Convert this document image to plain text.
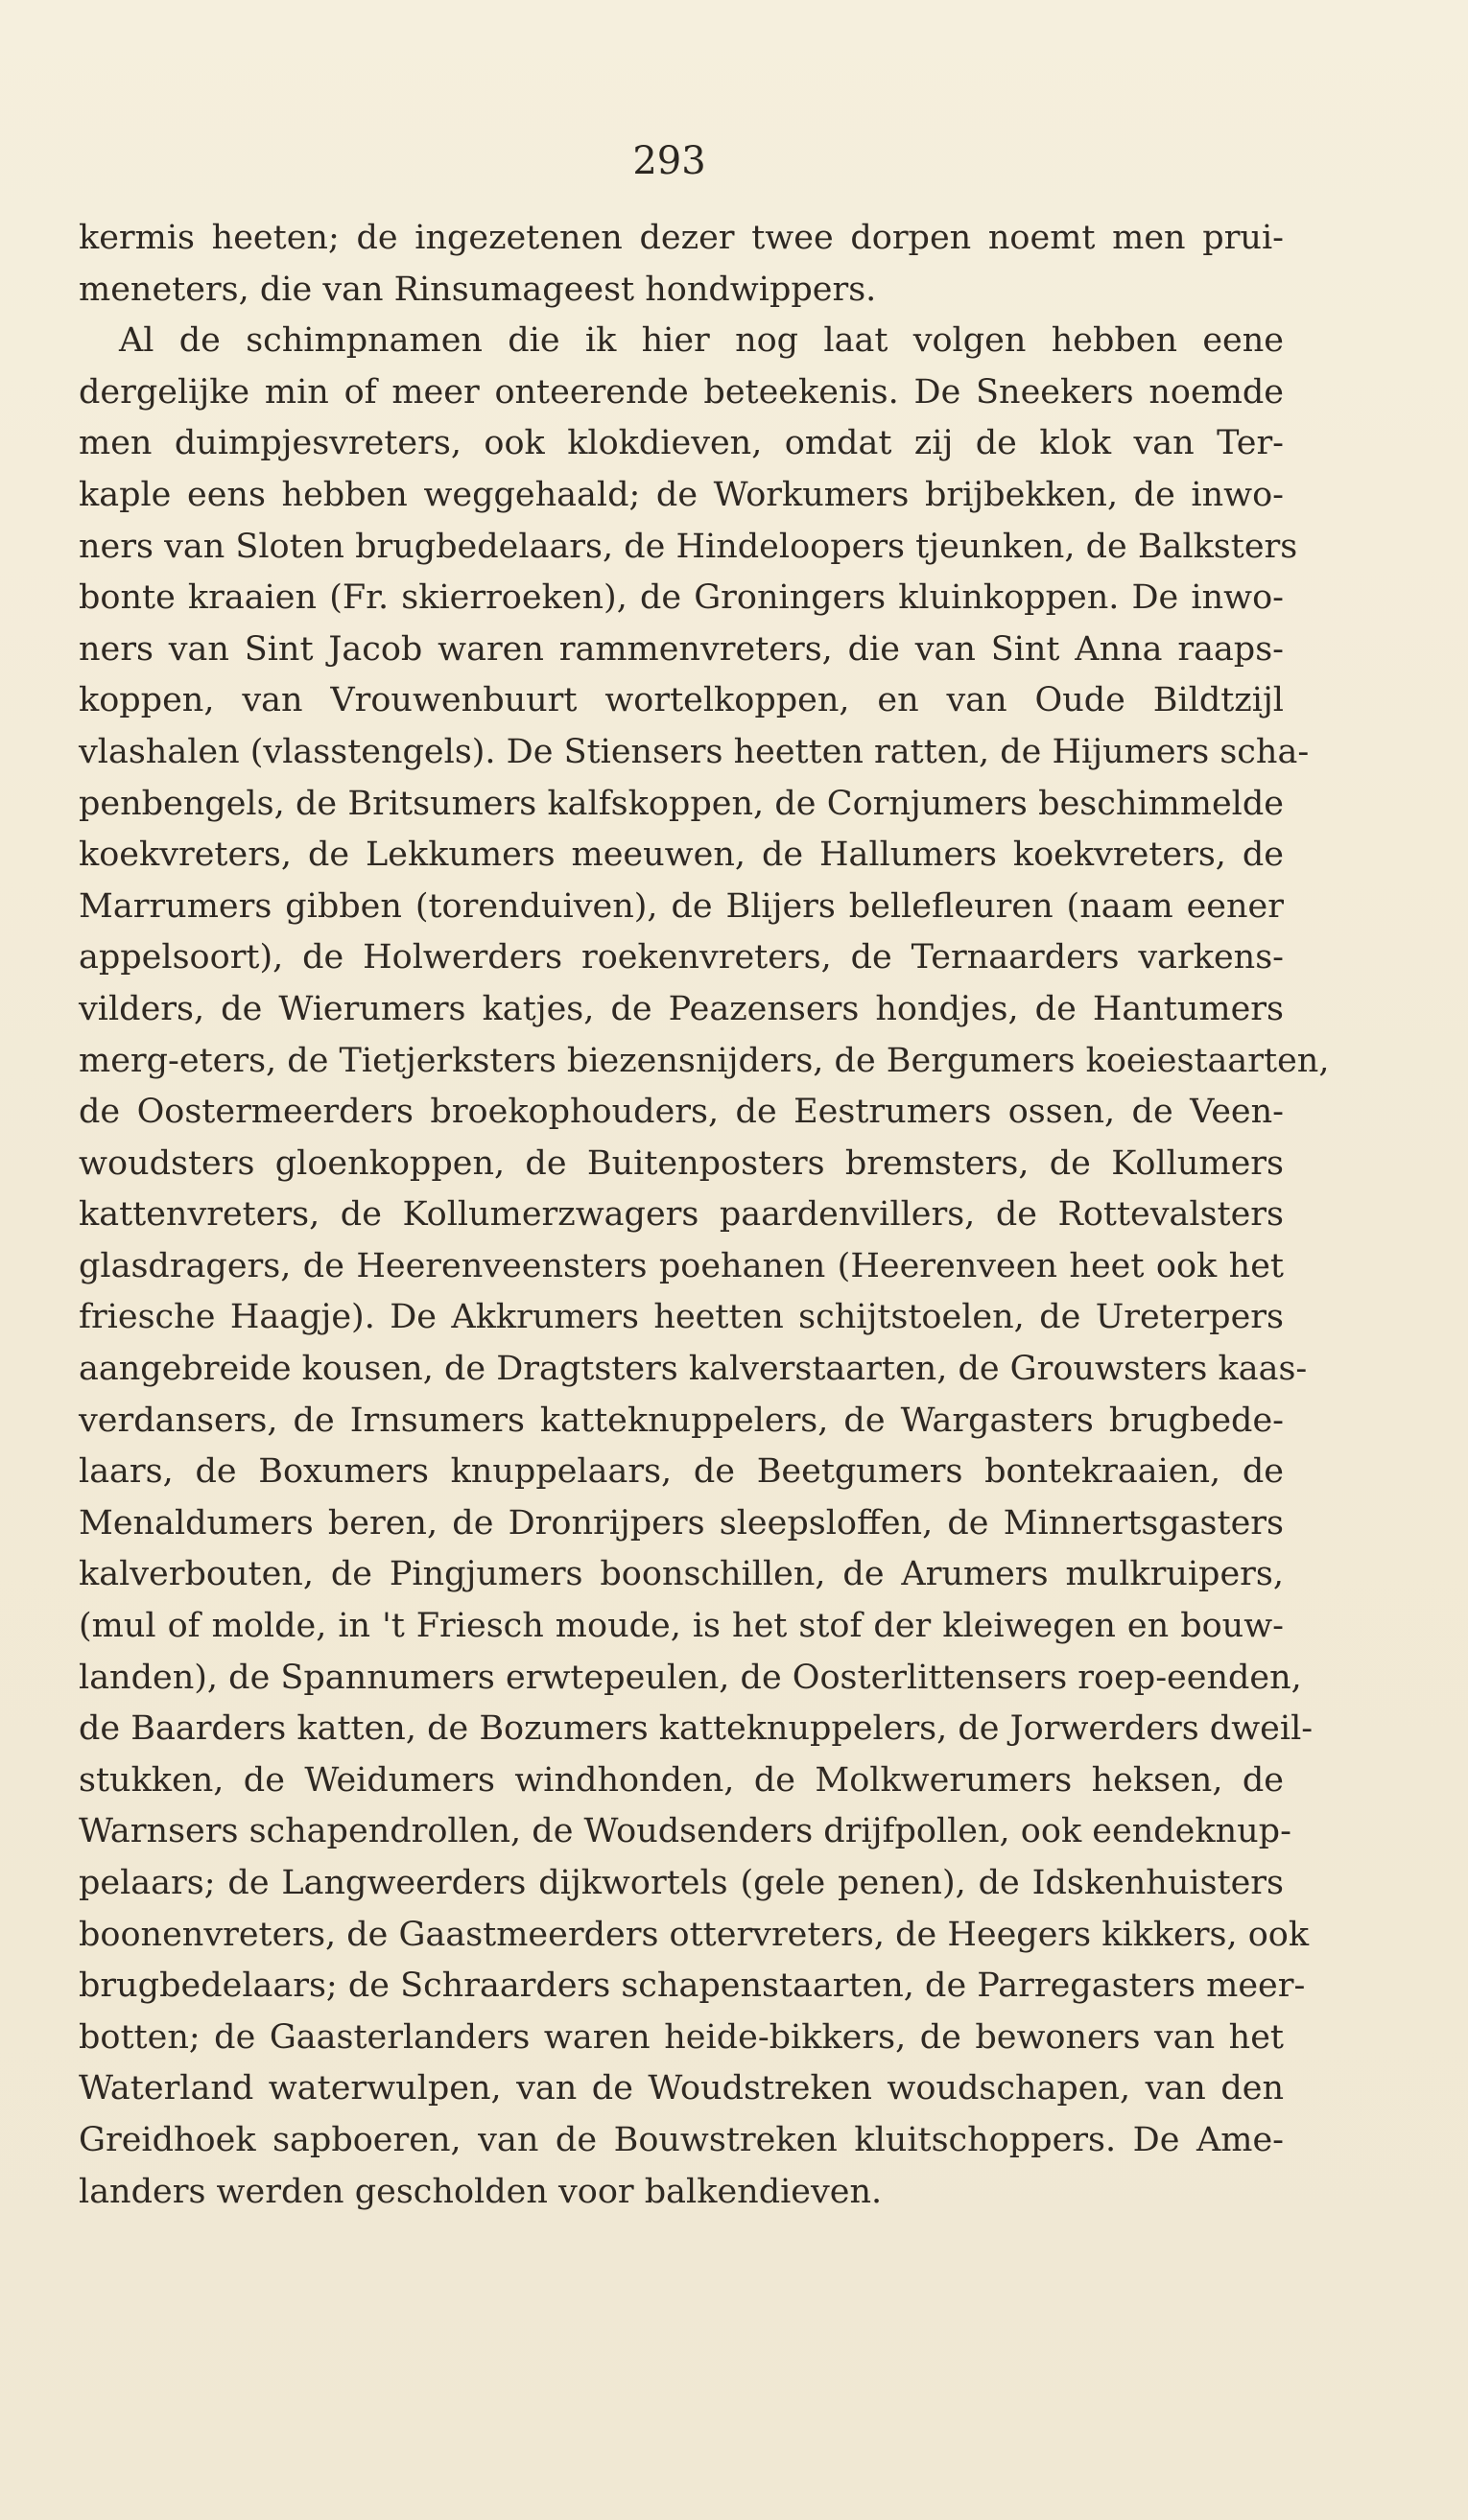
293
kermis heeten; de ingezetenen dezer twee dorpen noemt men prui-
meneters, die van Rinsumageest hondwippers.
Al de schimpnamen die ik hier nog laat volgen hebben eene
dergelijke min of meer onteerende beteekenis. De Sneekers noemde
men duimpjesvreters, ook klokdieven, omdat zij de klok van Ter-
kaple eens hebben weggehaald; de Workumers brijbekken, de inwo-
ners van Sloten brugbedelaars, de Hindeloopers tjeunken, de Balksters
bonte kraaien (Fr. skierroeken), de Groningers kluinkoppen. De inwo-
ners van Sint Jacob waren rammenvreters, die van Sint Anna raaps-
koppen, van Vrouwenbuurt wortelkoppen, en van Oude Bildtzijl
vlashalen (vlasstengels). De Stiensers heetten ratten, de Hijumers scha-
penbengels, de Britsumers kalfskoppen, de Cornjumers beschimmelde
koekvreters, de Lekkumers meeuwen, de Hallumers koekvreters, de
Marrumers gibben (torenduiven), de Blijers bellefleuren (naam eener
appelsoort), de Holwerders roekenvreters, de Ternaarders varkens-
vilders, de Wierumers katjes, de Peazensers hondjes, de Hantumers
merg-eters, de Tietjerksters biezensnijders, de Bergumers koeiestaarten,
de Oostermeerders broekophouders, de Eestrumers ossen, de Veen-
woudsters gloenkoppen, de Buitenposters bremsters, de Kollumers
kattenvreters, de Kollumerzwagers paardenvillers, de Rottevalsters
glasdragers, de Heerenveensters poehanen (Heerenveen heet ook het
friesche Haagje). De Akkrumers heetten schijtstoelen, de Ureterpers
aangebreide kousen, de Dragtsters kalverstaarten, de Grouwsters kaas-
verdansers, de Irnsumers katteknuppelers, de Wargasters brugbede-
laars, de Boxumers knuppelaars, de Beetgumers bontekraaien, de
Menaldumers beren, de Dronrijpers sleepsloffen, de Minnertsgasters
kalverbouten, de Pingjumers boonschillen, de Arumers mulkruipers,
(mul of molde, in 't Friesch moude, is het stof der kleiwegen en bouw-
landen), de Spannumers erwtepeulen, de Oosterlittensers roep-eenden,
de Baarders katten, de Bozumers katteknuppelers, de Jorwerders dweil-
stukken, de Weidumers windhonden, de Molkwerumers heksen, de
Warnsers schapendrollen, de Woudsenders drijfpollen, ook eendeknup-
pelaars; de Langweerders dijkwortels (gele penen), de Idskenhuisters
boonenvreters, de Gaastmeerders ottervreters, de Heegers kikkers, ook
brugbedelaars; de Schraarders schapenstaarten, de Parregasters meer-
botten; de Gaasterlanders waren heide-bikkers, de bewoners van het
Waterland waterwulpen, van de Woudstreken woudschapen, van den
Greidhoek sapboeren, van de Bouwstreken kluitschoppers. De Ame-
landers werden gescholden voor balkendieven.
